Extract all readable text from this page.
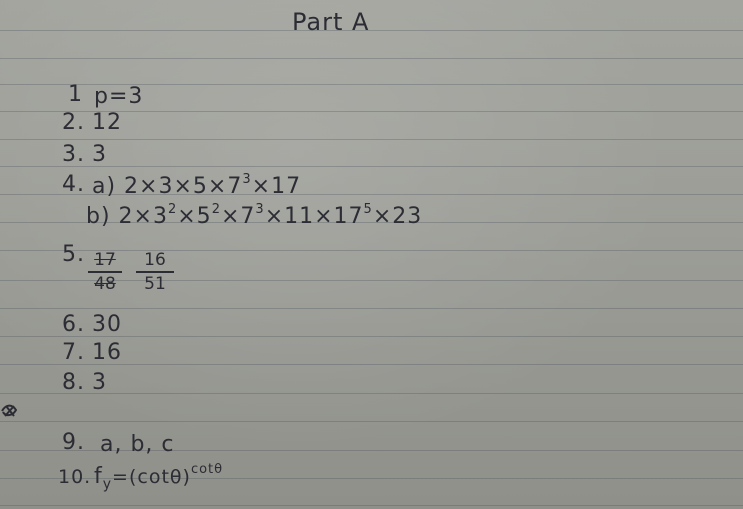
Part A
1 p=3
2. 12
3. 3
4. a) $2\times 3\times 5\times 7^3\times 17$
b) $2\times 3^2\times 5^2\times 7^3\times 11\times 17^5\times 23$
5. 17
48
16
51
6. 30
7. 16
8. 3
9. a, b, c
10. $f_y=(\cot\theta)^{cot\theta}$
